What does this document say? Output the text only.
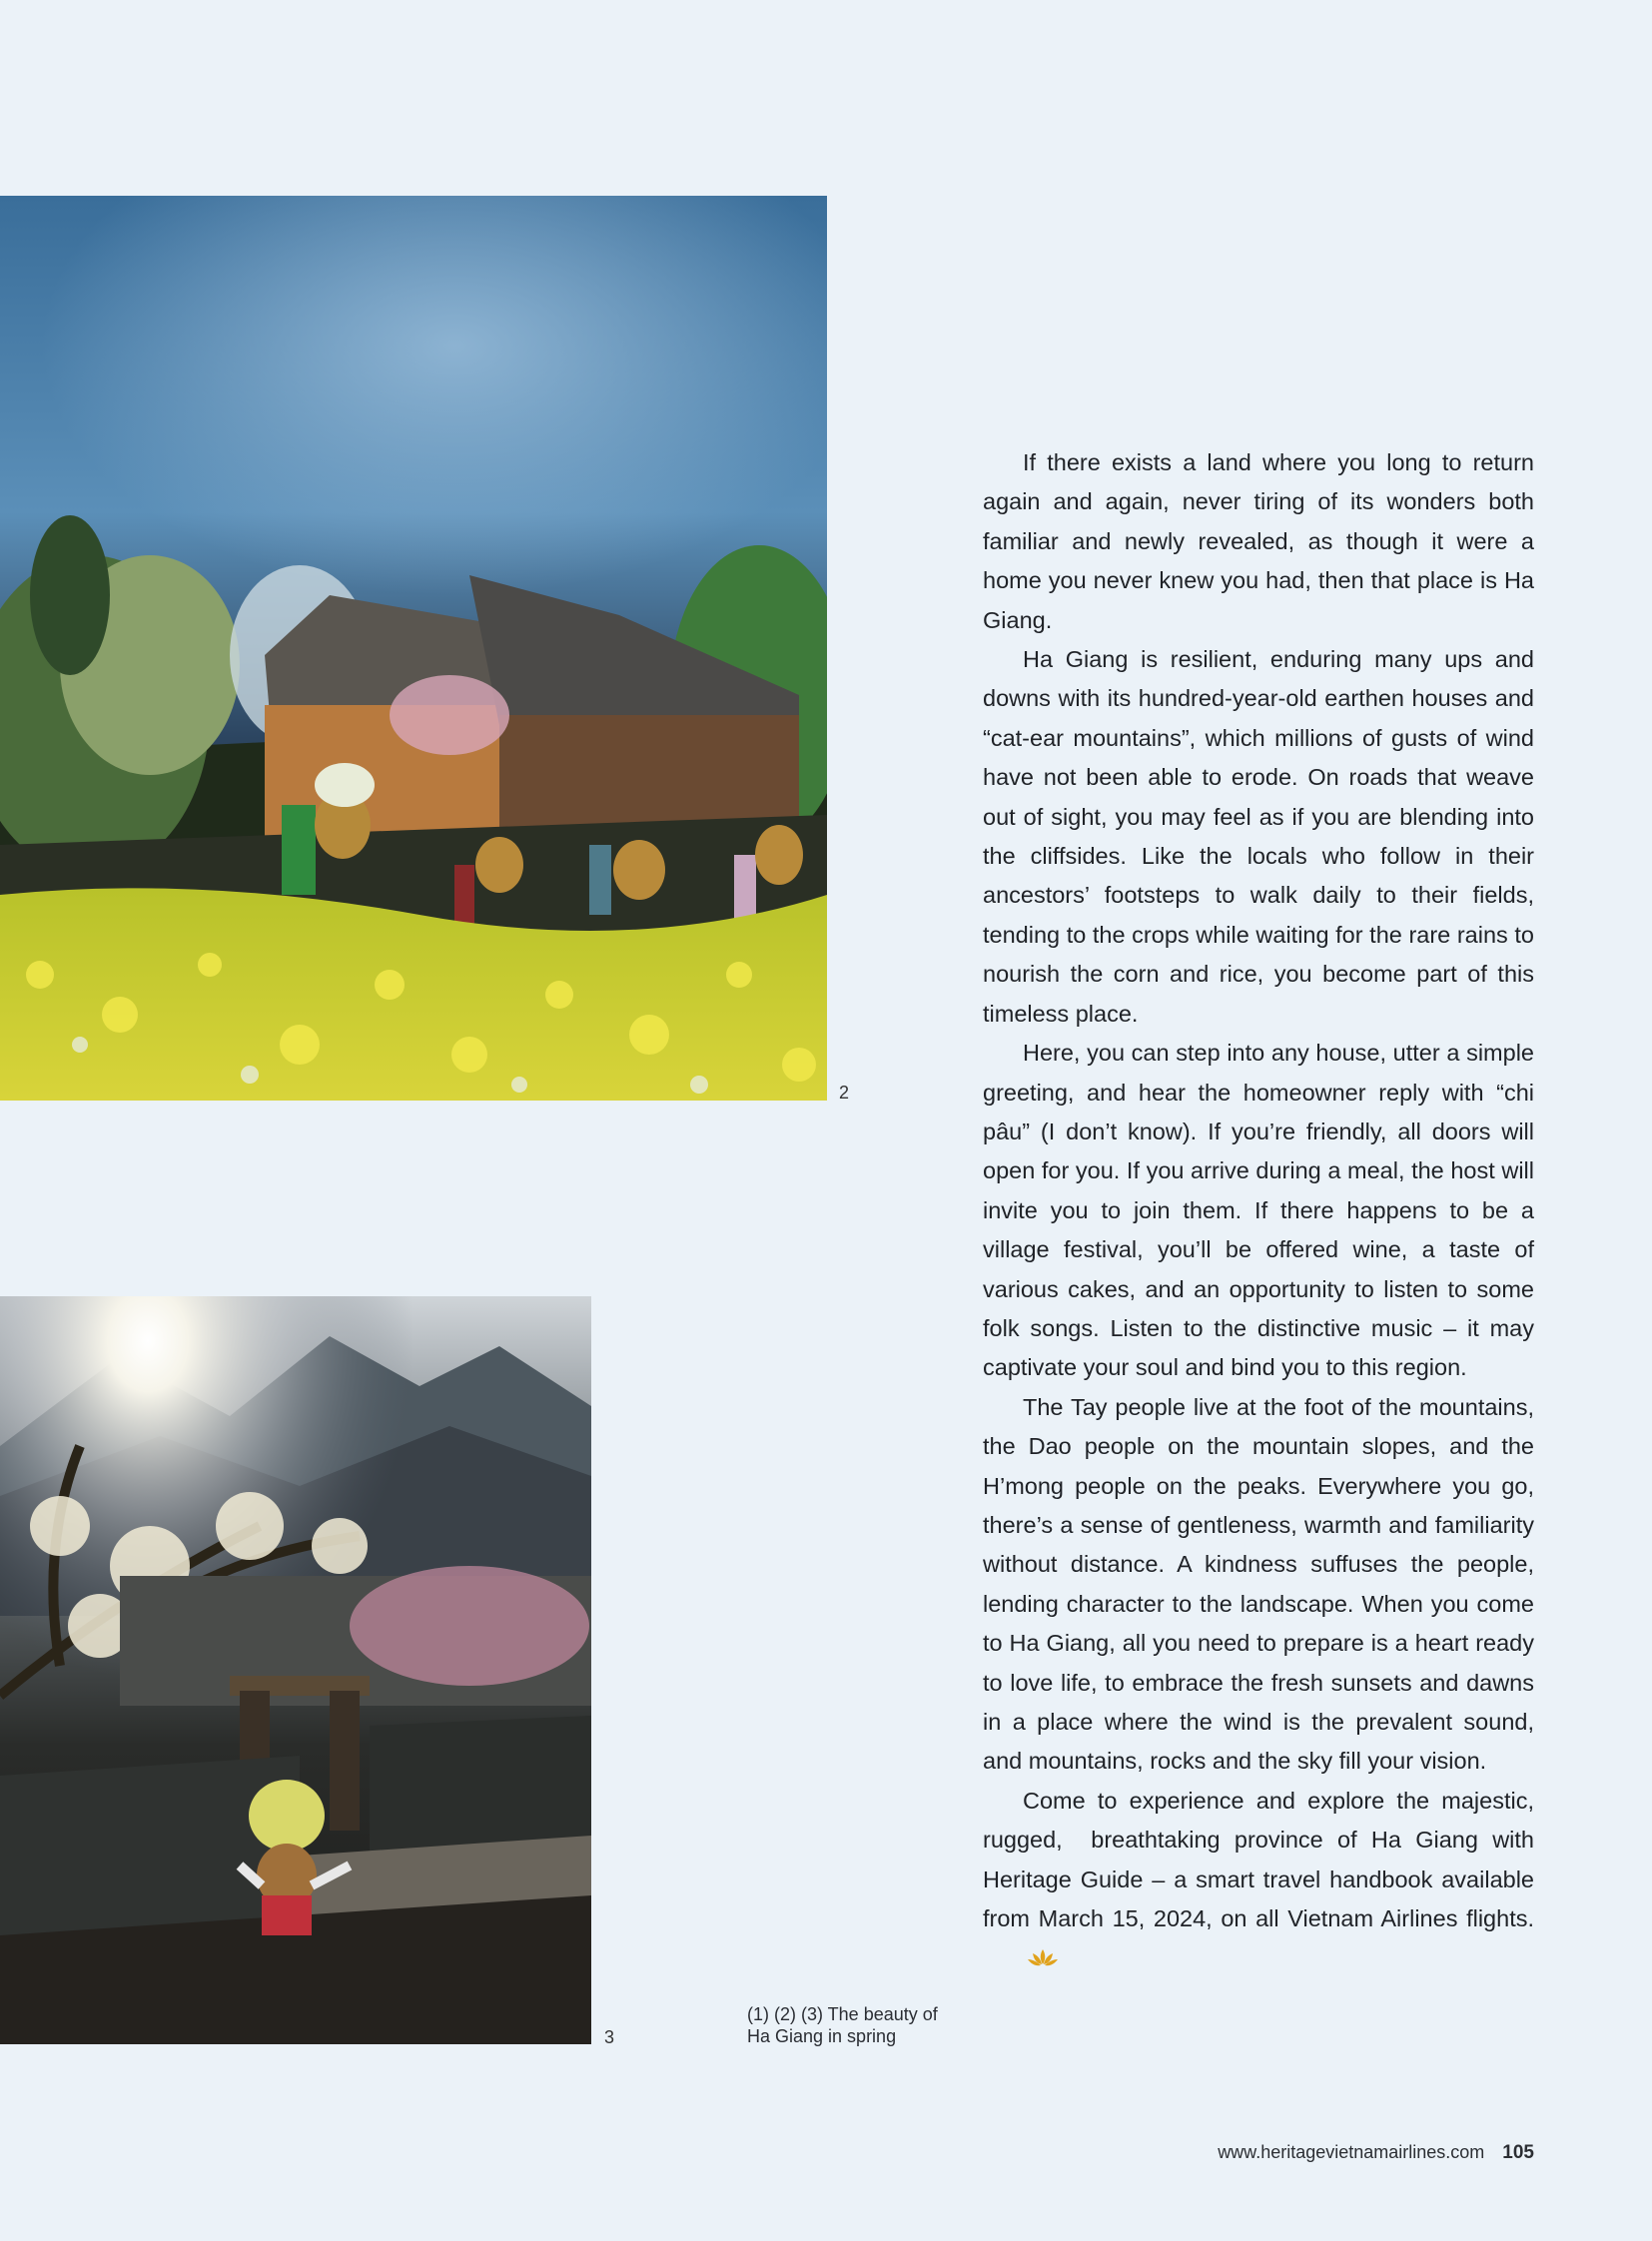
2
3
(1) (2) (3) The beauty of
Ha Giang in spring

If there exists a land where you long to return again and again, never tiring of its wonders both familiar and newly revealed, as though it were a home you never knew you had, then that place is Ha Giang.

Ha Giang is resilient, enduring many ups and downs with its hundred-year-old earthen houses and “cat-ear mountains”, which millions of gusts of wind have not been able to erode. On roads that weave out of sight, you may feel as if you are blending into the cliffsides. Like the locals who follow in their ancestors’ footsteps to walk daily to their fields, tending to the crops while waiting for the rare rains to nourish the corn and rice, you become part of this timeless place.

Here, you can step into any house, utter a simple greeting, and hear the homeowner reply with “chi pâu” (I don’t know). If you’re friendly, all doors will open for you. If you arrive during a meal, the host will invite you to join them. If there happens to be a village festival, you’ll be offered wine, a taste of various cakes, and an opportunity to listen to some folk songs. Listen to the distinctive music – it may captivate your soul and bind you to this region.

The Tay people live at the foot of the mountains, the Dao people on the mountain slopes, and the H’mong people on the peaks. Everywhere you go, there’s a sense of gentleness, warmth and familiarity without distance. A kindness suffuses the people, lending character to the landscape. When you come to Ha Giang, all you need to prepare is a heart ready to love life, to embrace the fresh sunsets and dawns in a place where the wind is the prevalent sound, and mountains, rocks and the sky fill your vision.

Come to experience and explore the majestic, rugged,  breathtaking province of Ha Giang with Heritage Guide – a smart travel handbook available from March 15, 2024, on all Vietnam Airlines flights.

www.heritagevietnamairlines.com 105
